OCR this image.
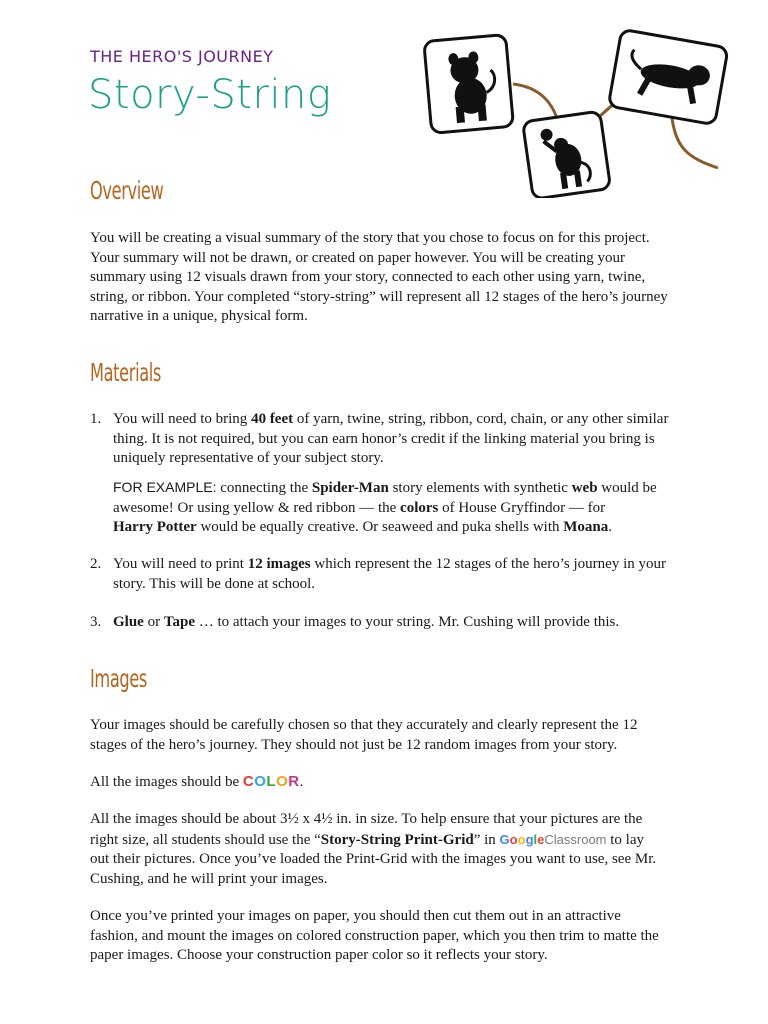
THE HERO'S JOURNEY
Story-String
Overview
You will be creating a visual summary of the story that you chose to focus on for this project.
Your summary will not be drawn, or created on paper however. You will be creating your
summary using 12 visuals drawn from your story, connected to each other using yarn, twine,
string, or ribbon. Your completed “story-string” will represent all 12 stages of the hero’s journey
narrative in a unique, physical form.
Materials
1. You will need to bring 40 feet of yarn, twine, string, ribbon, cord, chain, or any other similar
thing. It is not required, but you can earn honor’s credit if the linking material you bring is
uniquely representative of your subject story.
FOR EXAMPLE: connecting the Spider-Man story elements with synthetic web would be
awesome! Or using yellow & red ribbon — the colors of House Gryffindor — for
Harry Potter would be equally creative. Or seaweed and puka shells with Moana.
2. You will need to print 12 images which represent the 12 stages of the hero’s journey in your
story. This will be done at school.
3. Glue or Tape … to attach your images to your string. Mr. Cushing will provide this.
Images
Your images should be carefully chosen so that they accurately and clearly represent the 12
stages of the hero’s journey. They should not just be 12 random images from your story.
All the images should be COLOR.
All the images should be about 3½ x 4½ in. in size. To help ensure that your pictures are the
right size, all students should use the “Story-String Print-Grid” in GoogleClassroom to lay
out their pictures. Once you’ve loaded the Print-Grid with the images you want to use, see Mr.
Cushing, and he will print your images.
Once you’ve printed your images on paper, you should then cut them out in an attractive
fashion, and mount the images on colored construction paper, which you then trim to matte the
paper images. Choose your construction paper color so it reflects your story.
